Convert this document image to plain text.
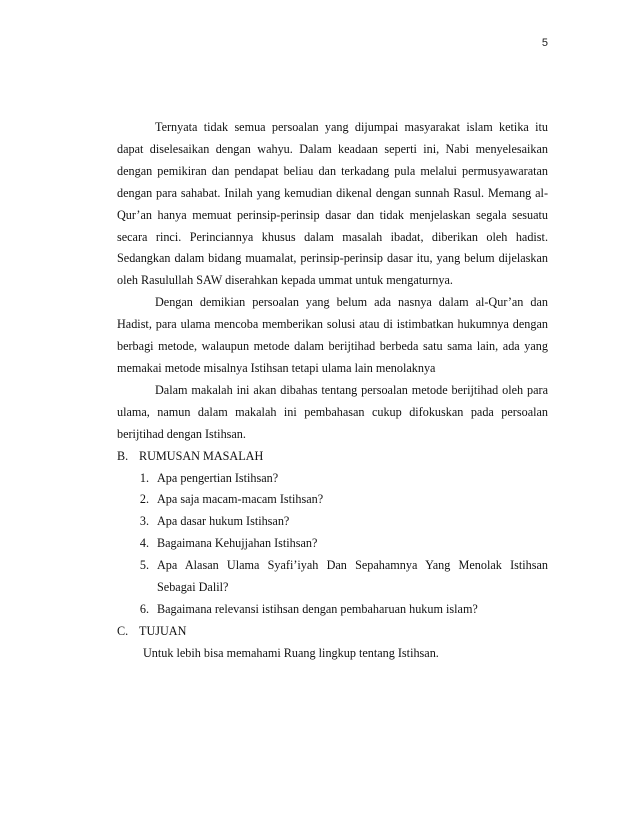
5

Ternyata tidak semua persoalan yang dijumpai masyarakat islam ketika itu dapat diselesaikan dengan wahyu. Dalam keadaan seperti ini, Nabi menyelesaikan dengan pemikiran dan pendapat beliau dan terkadang pula melalui permusyawaratan dengan para sahabat. Inilah yang kemudian dikenal dengan sunnah Rasul. Memang al-Qur’an hanya memuat perinsip-perinsip dasar dan tidak menjelaskan segala sesuatu secara rinci. Perinciannya khusus dalam masalah ibadat, diberikan oleh hadist. Sedangkan dalam bidang muamalat, perinsip-perinsip dasar itu, yang belum dijelaskan oleh Rasulullah SAW diserahkan kepada ummat untuk mengaturnya.

Dengan demikian persoalan yang belum ada nasnya dalam al-Qur’an dan Hadist, para ulama mencoba memberikan solusi atau di istimbatkan hukumnya dengan berbagi metode, walaupun metode dalam berijtihad berbeda satu sama lain, ada yang memakai metode misalnya Istihsan tetapi ulama lain menolaknya

Dalam makalah ini akan dibahas tentang persoalan metode berijtihad oleh para ulama, namun dalam makalah ini pembahasan cukup difokuskan pada persoalan berijtihad dengan Istihsan.

B. RUMUSAN MASALAH
1. Apa pengertian Istihsan?
2. Apa saja macam-macam Istihsan?
3. Apa dasar hukum Istihsan?
4. Bagaimana Kehujjahan Istihsan?
5. Apa Alasan Ulama Syafi’iyah Dan Sepahamnya Yang Menolak Istihsan Sebagai Dalil?
6. Bagaimana relevansi istihsan dengan pembaharuan hukum islam?
C. TUJUAN

Untuk lebih bisa memahami Ruang lingkup tentang Istihsan.
